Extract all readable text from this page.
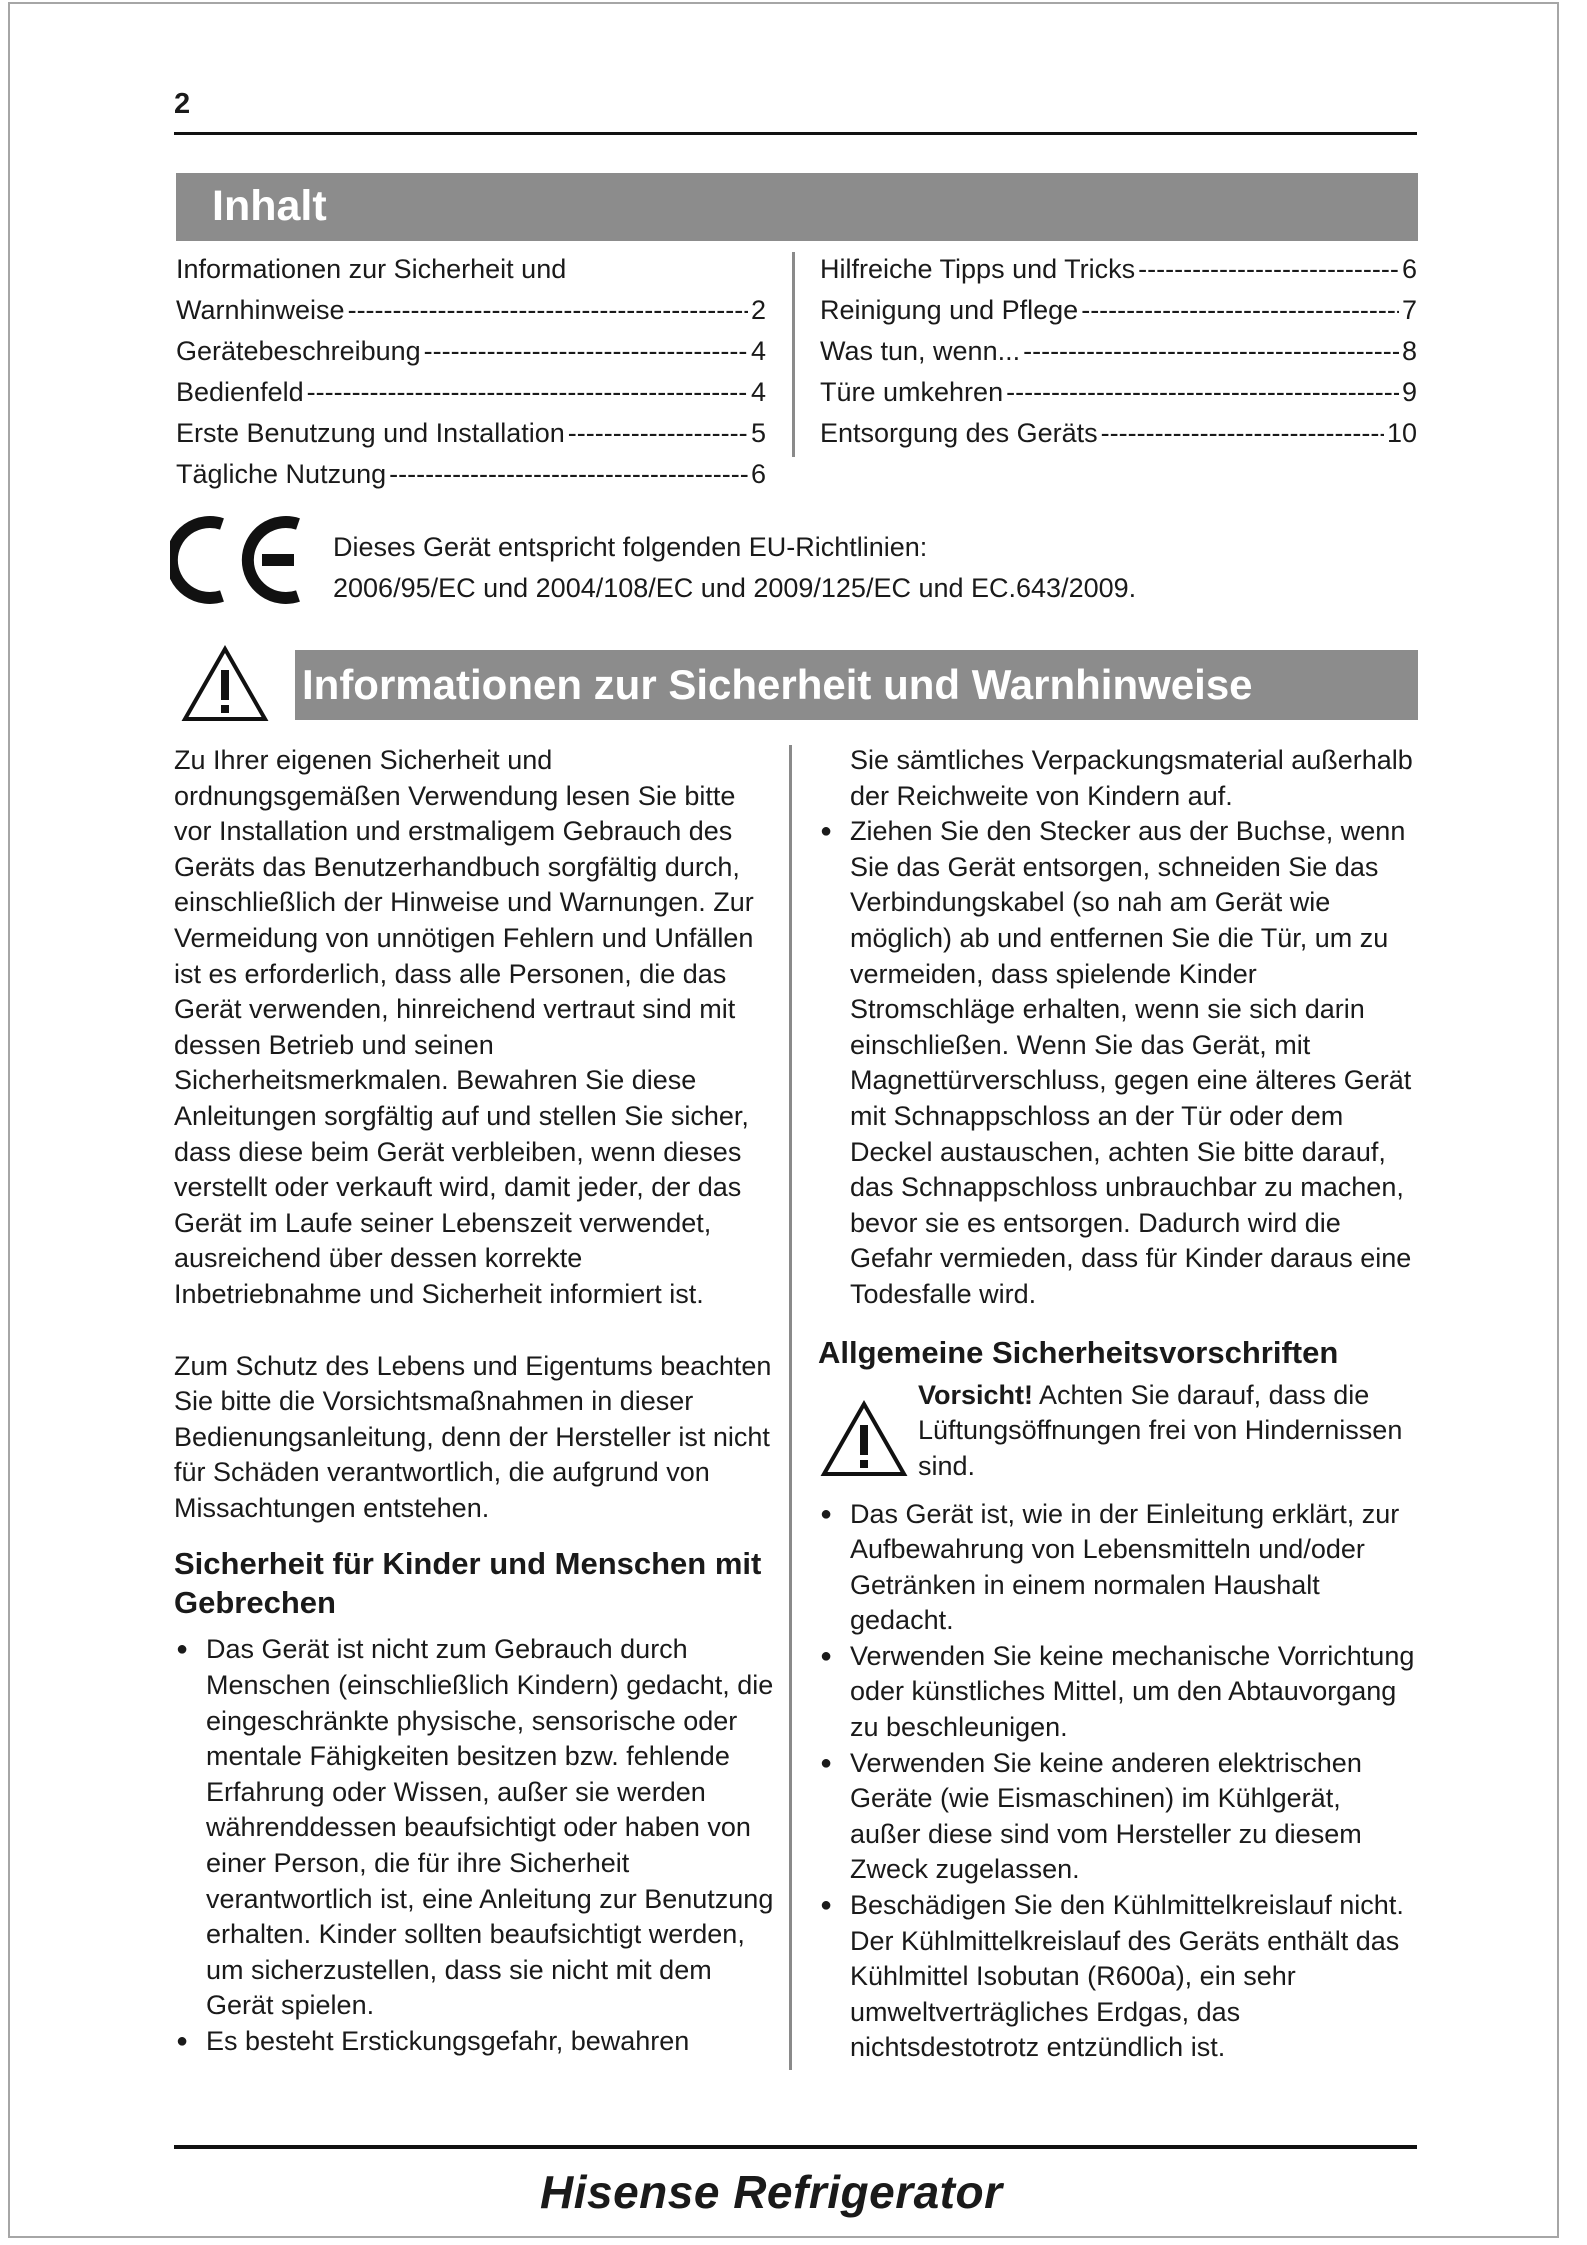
2
Inhalt
Informationen zur Sicherheit und
Warnhinweise -----	2
Gerätebeschreibung -----	4
Bedienfeld -----	4
Erste Benutzung und Installation -----	5
Tägliche Nutzung -----	6
Hilfreiche Tipps und Tricks -----	6
Reinigung und Pflege -----	7
Was tun, wenn... -----	8
Türe umkehren -----	9
Entsorgung des Geräts -----	10
Dieses Gerät entspricht folgenden EU-Richtlinien:
2006/95/EC und 2004/108/EC und 2009/125/EC und EC.643/2009.
Informationen zur Sicherheit und Warnhinweise

Zu Ihrer eigenen Sicherheit und ordnungsgemäßen Verwendung lesen Sie bitte vor Installation und erstmaligem Gebrauch des Geräts das Benutzerhandbuch sorgfältig durch, einschließlich der Hinweise und Warnungen. Zur Vermeidung von unnötigen Fehlern und Unfällen ist es erforderlich, dass alle Personen, die das Gerät verwenden, hinreichend vertraut sind mit dessen Betrieb und seinen Sicherheitsmerkmalen. Bewahren Sie diese Anleitungen sorgfältig auf und stellen Sie sicher, dass diese beim Gerät verbleiben, wenn dieses verstellt oder verkauft wird, damit jeder, der das Gerät im Laufe seiner Lebenszeit verwendet, ausreichend über dessen korrekte Inbetriebnahme und Sicherheit informiert ist.

Zum Schutz des Lebens und Eigentums beachten Sie bitte die Vorsichtsmaßnahmen in dieser Bedienungsanleitung, denn der Hersteller ist nicht für Schäden verantwortlich, die aufgrund von Missachtungen entstehen.

Sicherheit für Kinder und Menschen mit Gebrechen

● Das Gerät ist nicht zum Gebrauch durch Menschen (einschließlich Kindern) gedacht, die eingeschränkte physische, sensorische oder mentale Fähigkeiten besitzen bzw. fehlende Erfahrung oder Wissen, außer sie werden währenddessen beaufsichtigt oder haben von einer Person, die für ihre Sicherheit verantwortlich ist, eine Anleitung zur Benutzung erhalten. Kinder sollten beaufsichtigt werden, um sicherzustellen, dass sie nicht mit dem Gerät spielen.
● Es besteht Erstickungsgefahr, bewahren

Sie sämtliches Verpackungsmaterial außerhalb der Reichweite von Kindern auf.

● Ziehen Sie den Stecker aus der Buchse, wenn Sie das Gerät entsorgen, schneiden Sie das Verbindungskabel (so nah am Gerät wie möglich) ab und entfernen Sie die Tür, um zu vermeiden, dass spielende Kinder Stromschläge erhalten, wenn sie sich darin einschließen. Wenn Sie das Gerät, mit Magnettürverschluss, gegen eine älteres Gerät mit Schnappschloss an der Tür oder dem Deckel austauschen, achten Sie bitte darauf, das Schnappschloss unbrauchbar zu machen, bevor sie es entsorgen. Dadurch wird die Gefahr vermieden, dass für Kinder daraus eine Todesfalle wird.

Allgemeine Sicherheitsvorschriften

Vorsicht! Achten Sie darauf, dass die Lüftungsöffnungen frei von Hindernissen sind.
● Das Gerät ist, wie in der Einleitung erklärt, zur Aufbewahrung von Lebensmitteln und/oder Getränken in einem normalen Haushalt gedacht.
● Verwenden Sie keine mechanische Vorrichtung oder künstliches Mittel, um den Abtauvorgang zu beschleunigen.
● Verwenden Sie keine anderen elektrischen Geräte (wie Eismaschinen) im Kühlgerät, außer diese sind vom Hersteller zu diesem Zweck zugelassen.
● Beschädigen Sie den Kühlmittelkreislauf nicht. Der Kühlmittelkreislauf des Geräts enthält das Kühlmittel Isobutan (R600a), ein sehr umweltverträgliches Erdgas, das nichtsdestotrotz entzündlich ist.
Hisense Refrigerator
